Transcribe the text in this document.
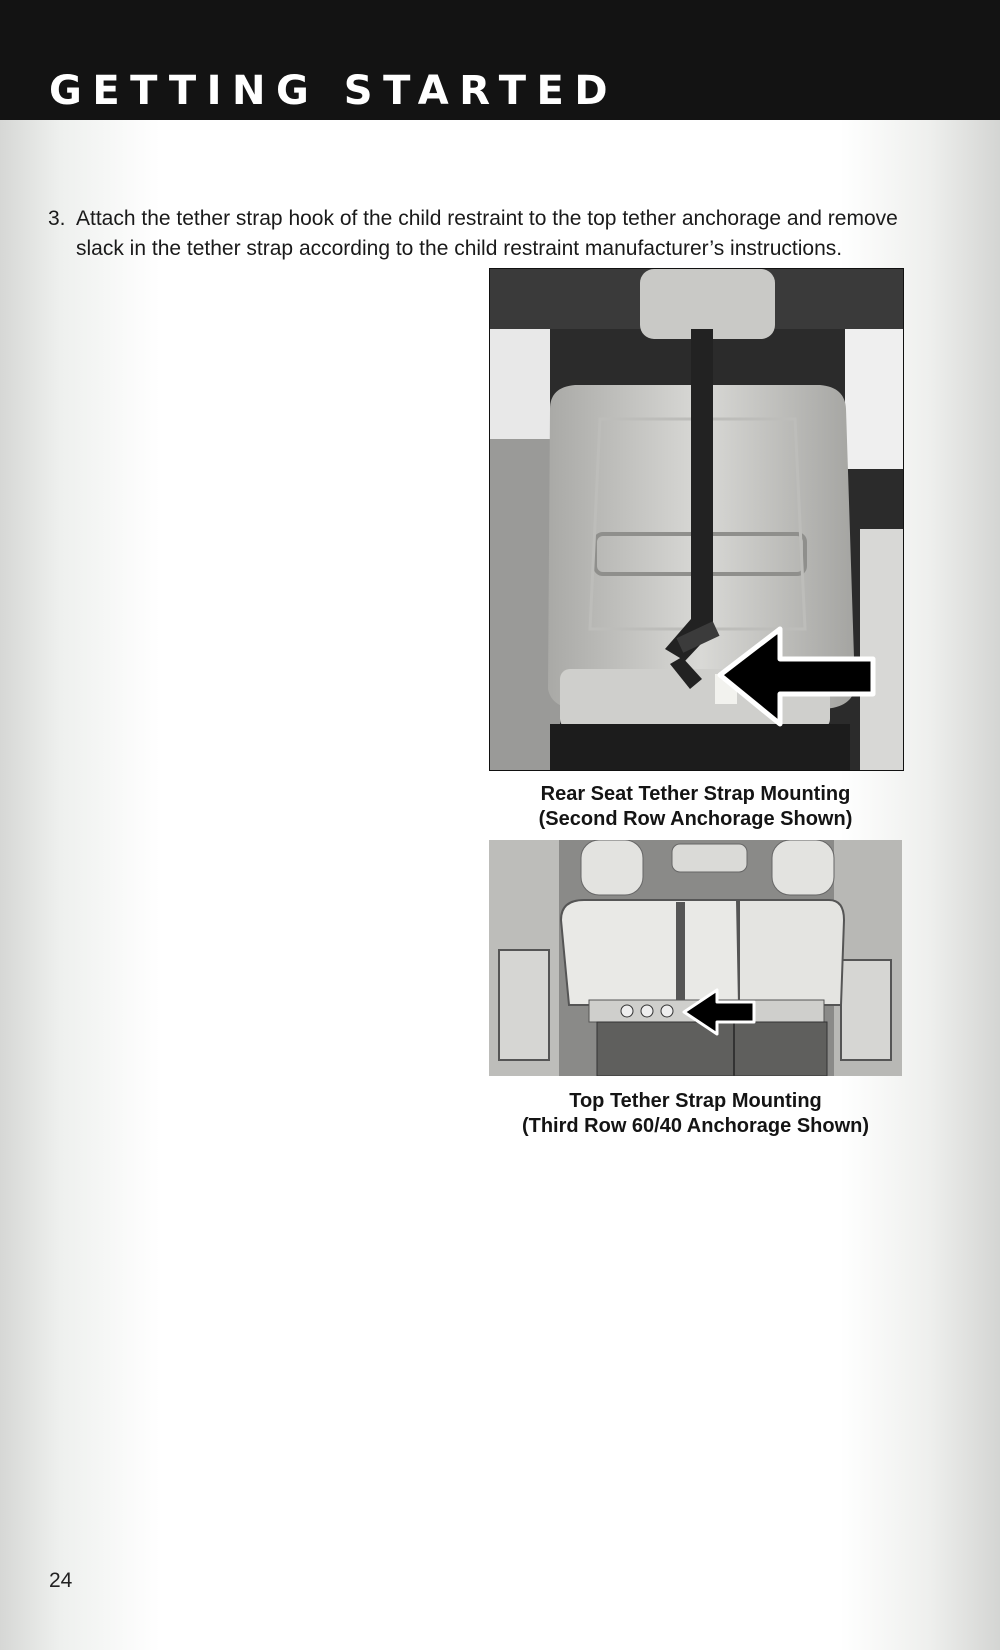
GETTING STARTED
3. Attach the tether strap hook of the child restraint to the top tether anchorage and remove slack in the tether strap according to the child restraint manufacturer’s instructions.
Rear Seat Tether Strap Mounting
(Second Row Anchorage Shown)
Top Tether Strap Mounting
(Third Row 60/40 Anchorage Shown)
24
